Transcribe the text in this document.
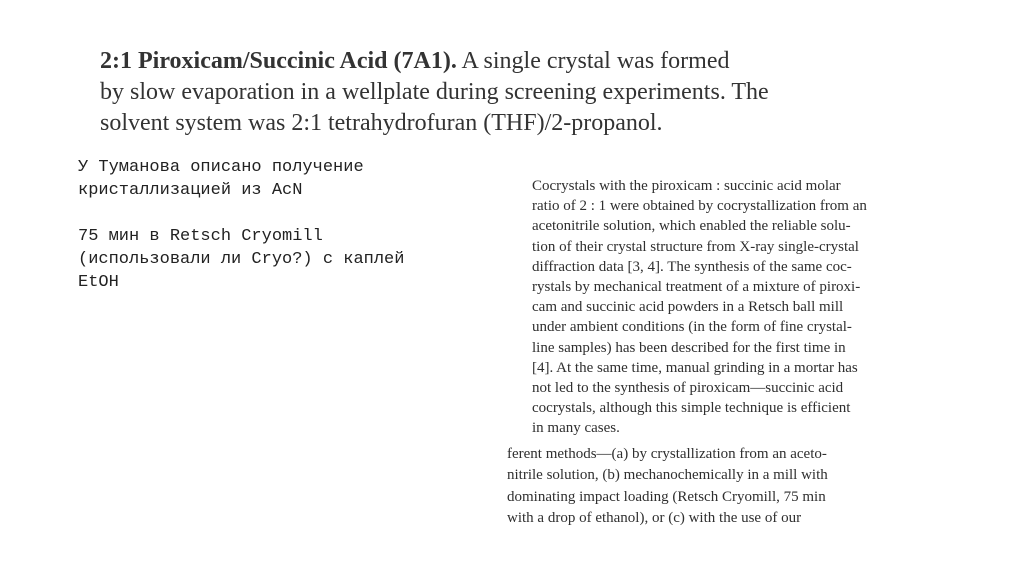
2:1 Piroxicam/Succinic Acid (7A1). A single crystal was formed
by slow evaporation in a wellplate during screening experiments. The
solvent system was 2:1 tetrahydrofuran (THF)/2-propanol.

У Туманова описано получение
кристаллизацией из AcN

75 мин в Retsch Cryomill
(использовали ли Cryo?) с каплей
EtOH

Cocrystals with the piroxicam : succinic acid molar
ratio of 2 : 1 were obtained by cocrystallization from an
acetonitrile solution, which enabled the reliable solu-
tion of their crystal structure from X-ray single-crystal
diffraction data [3, 4]. The synthesis of the same coc-
rystals by mechanical treatment of a mixture of piroxi-
cam and succinic acid powders in a Retsch ball mill
under ambient conditions (in the form of fine crystal-
line samples) has been described for the first time in
[4]. At the same time, manual grinding in a mortar has
not led to the synthesis of piroxicam—succinic acid
cocrystals, although this simple technique is efficient
in many cases.
ferent methods—(a) by crystallization from an aceto-
nitrile solution, (b) mechanochemically in a mill with
dominating impact loading (Retsch Cryomill, 75 min
with a drop of ethanol), or (c) with the use of our
